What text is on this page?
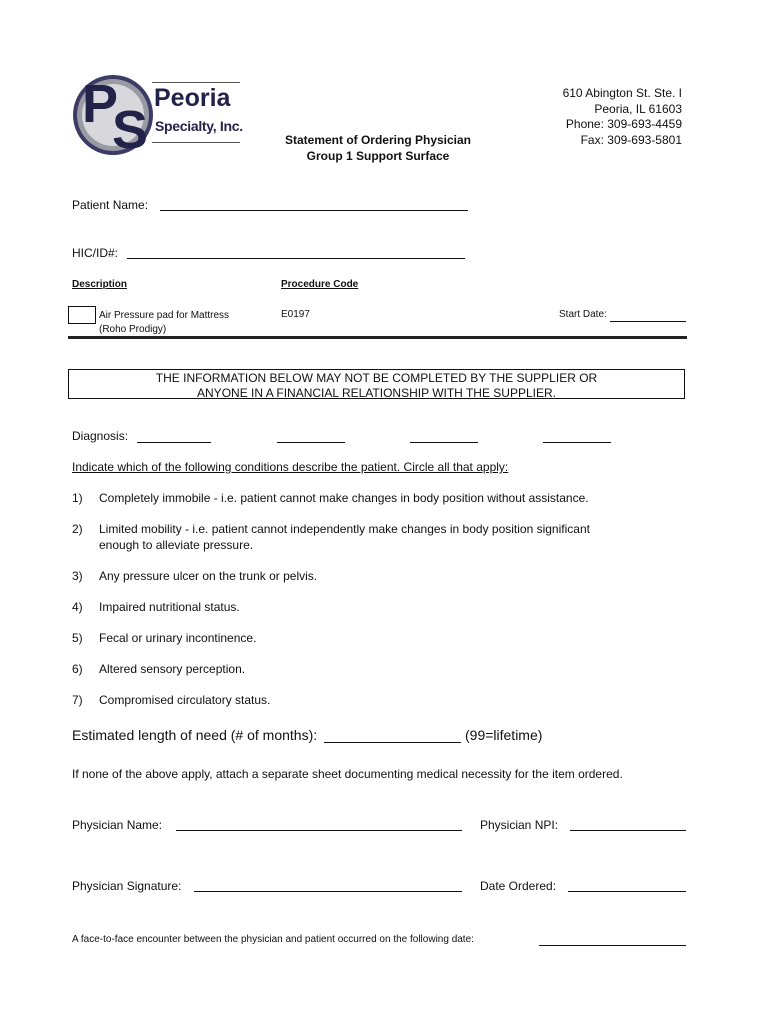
P
S
Peoria
Specialty, Inc.
Statement of Ordering Physician
Group 1 Support Surface
610 Abington St. Ste. I
Peoria, IL 61603
Phone: 309-693-4459
Fax: 309-693-5801
Patient Name:
HIC/ID#:
Description	Procedure Code
Air Pressure pad for Mattress
(Roho Prodigy)
E0197	Start Date:
THE INFORMATION BELOW MAY NOT BE COMPLETED BY THE SUPPLIER OR
ANYONE IN A FINANCIAL RELATIONSHIP WITH THE SUPPLIER.
Diagnosis:
Indicate which of the following conditions describe the patient. Circle all that apply:
1) Completely immobile - i.e. patient cannot make changes in body position without assistance.
2) Limited mobility - i.e. patient cannot independently make changes in body position significant
enough to alleviate pressure.
3) Any pressure ulcer on the trunk or pelvis.
4) Impaired nutritional status.
5) Fecal or urinary incontinence.
6) Altered sensory perception.
7) Compromised circulatory status.
Estimated length of need (# of months):	(99=lifetime)
If none of the above apply, attach a separate sheet documenting medical necessity for the item ordered.
Physician Name:	Physician NPI:
Physician Signature:	Date Ordered:
A face-to-face encounter between the physician and patient occurred on the following date:
